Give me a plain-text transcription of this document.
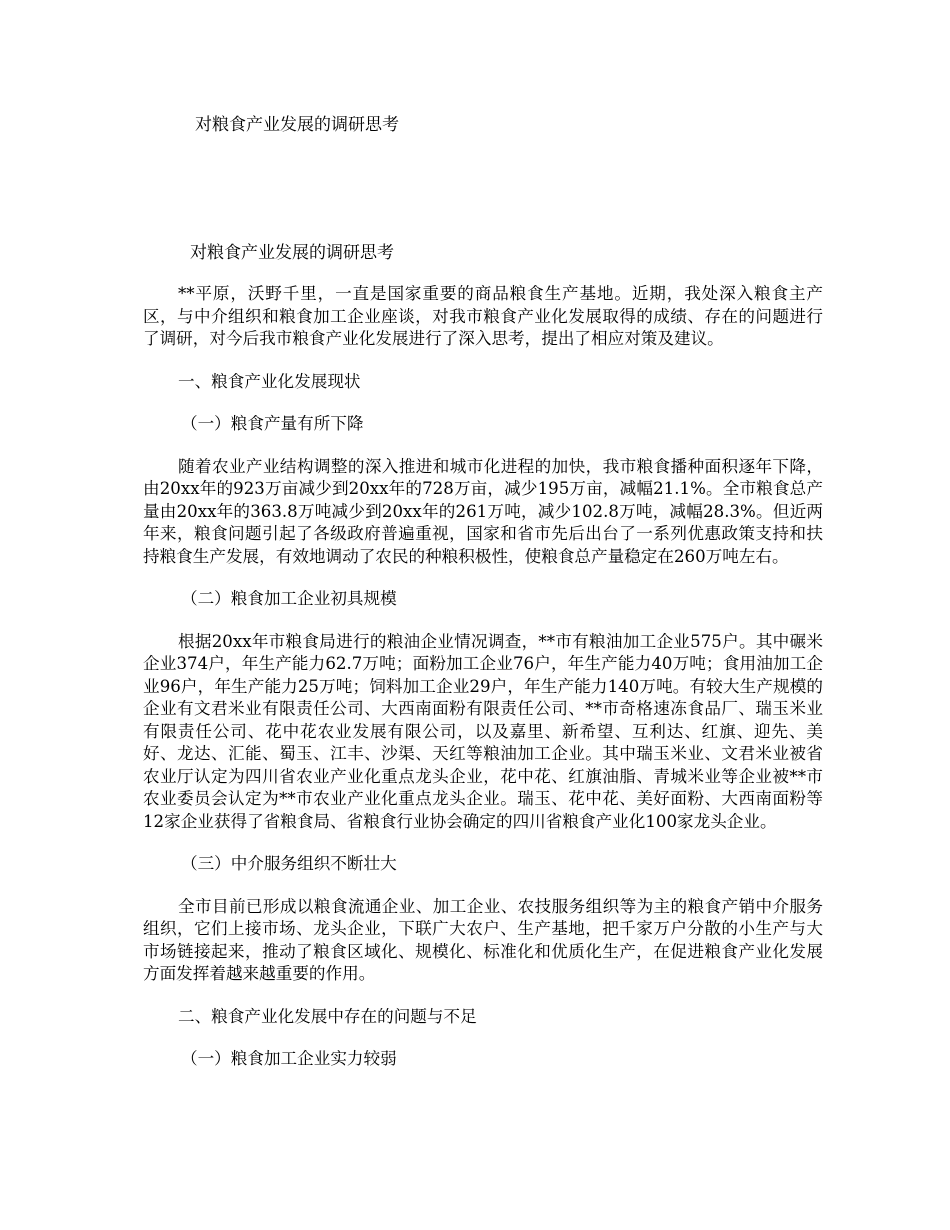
对粮食产业发展的调研思考
对粮食产业发展的调研思考

**平原，沃野千里，一直是国家重要的商品粮食生产基地。近期，我处深入粮食主产区，与中介组织和粮食加工企业座谈，对我市粮食产业化发展取得的成绩、存在的问题进行了调研，对今后我市粮食产业化发展进行了深入思考，提出了相应对策及建议。

一、粮食产业化发展现状

（一）粮食产量有所下降

随着农业产业结构调整的深入推进和城市化进程的加快，我市粮食播种面积逐年下降，由20xx年的923万亩减少到20xx年的728万亩，减少195万亩，减幅21.1%。全市粮食总产量由20xx年的363.8万吨减少到20xx年的261万吨，减少102.8万吨，减幅28.3%。但近两年来，粮食问题引起了各级政府普遍重视，国家和省市先后出台了一系列优惠政策支持和扶持粮食生产发展，有效地调动了农民的种粮积极性，使粮食总产量稳定在260万吨左右。

（二）粮食加工企业初具规模

根据20xx年市粮食局进行的粮油企业情况调查，**市有粮油加工企业575户。其中碾米企业374户，年生产能力62.7万吨；面粉加工企业76户，年生产能力40万吨；食用油加工企业96户，年生产能力25万吨；饲料加工企业29户，年生产能力140万吨。有较大生产规模的企业有文君米业有限责任公司、大西南面粉有限责任公司、**市奇格速冻食品厂、瑞玉米业有限责任公司、花中花农业发展有限公司，以及嘉里、新希望、互利达、红旗、迎先、美好、龙达、汇能、蜀玉、江丰、沙渠、天红等粮油加工企业。其中瑞玉米业、文君米业被省农业厅认定为四川省农业产业化重点龙头企业，花中花、红旗油脂、青城米业等企业被**市农业委员会认定为**市农业产业化重点龙头企业。瑞玉、花中花、美好面粉、大西南面粉等12家企业获得了省粮食局、省粮食行业协会确定的四川省粮食产业化100家龙头企业。

（三）中介服务组织不断壮大

全市目前已形成以粮食流通企业、加工企业、农技服务组织等为主的粮食产销中介服务组织，它们上接市场、龙头企业，下联广大农户、生产基地，把千家万户分散的小生产与大市场链接起来，推动了粮食区域化、规模化、标准化和优质化生产，在促进粮食产业化发展方面发挥着越来越重要的作用。

二、粮食产业化发展中存在的问题与不足

（一）粮食加工企业实力较弱
